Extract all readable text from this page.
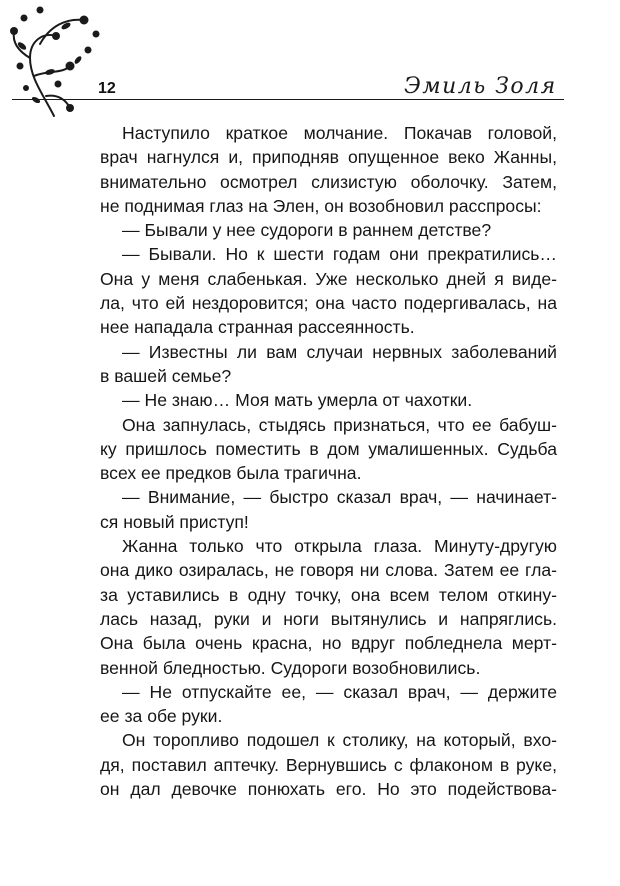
12	Эмиль Золя
Наступило краткое молчание. Покачав головой,
врач нагнулся и, приподняв опущенное веко Жанны,
внимательно осмотрел слизистую оболочку. Затем,
не поднимая глаз на Элен, он возобновил расспросы:
— Бывали у нее судороги в раннем детстве?
— Бывали. Но к шести годам они прекратились…
Она у меня слабенькая. Уже несколько дней я виде-
ла, что ей нездоровится; она часто подергивалась, на
нее нападала странная рассеянность.
— Известны ли вам случаи нервных заболеваний
в вашей семье?
— Не знаю… Моя мать умерла от чахотки.
Она запнулась, стыдясь признаться, что ее бабуш-
ку пришлось поместить в дом умалишенных. Судьба
всех ее предков была трагична.
— Внимание, — быстро сказал врач, — начинает-
ся новый приступ!
Жанна только что открыла глаза. Минуту-другую
она дико озиралась, не говоря ни слова. Затем ее гла-
за уставились в одну точку, она всем телом откину-
лась назад, руки и ноги вытянулись и напряглись.
Она была очень красна, но вдруг побледнела мерт-
венной бледностью. Судороги возобновились.
— Не отпускайте ее, — сказал врач, — держите
ее за обе руки.
Он торопливо подошел к столику, на который, вхо-
дя, поставил аптечку. Вернувшись с флаконом в руке,
он дал девочке понюхать его. Но это подействова-
